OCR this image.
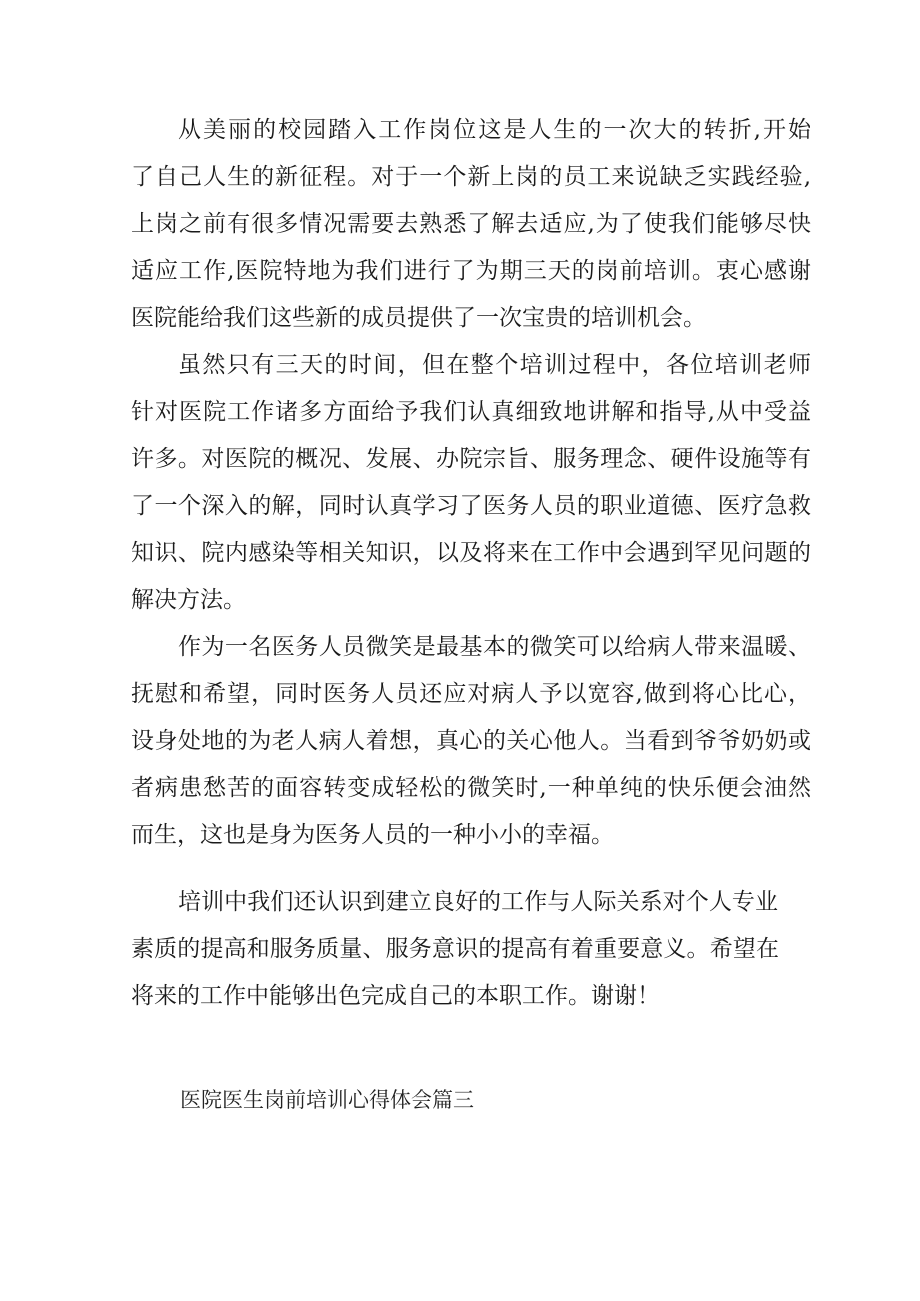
从美丽的校园踏入工作岗位这是人生的一次大的转折,开始
了自己人生的新征程。对于一个新上岗的员工来说缺乏实践经验,
上岗之前有很多情况需要去熟悉了解去适应,为了使我们能够尽快
适应工作,医院特地为我们进行了为期三天的岗前培训。衷心感谢
医院能给我们这些新的成员提供了一次宝贵的培训机会。
虽然只有三天的时间，但在整个培训过程中，各位培训老师
针对医院工作诸多方面给予我们认真细致地讲解和指导,从中受益
许多。对医院的概况、发展、办院宗旨、服务理念、硬件设施等有
了一个深入的解，同时认真学习了医务人员的职业道德、医疗急救
知识、院内感染等相关知识，以及将来在工作中会遇到罕见问题的
解决方法。
作为一名医务人员微笑是最基本的微笑可以给病人带来温暖、
抚慰和希望，同时医务人员还应对病人予以宽容,做到将心比心，
设身处地的为老人病人着想，真心的关心他人。当看到爷爷奶奶或
者病患愁苦的面容转变成轻松的微笑时,一种单纯的快乐便会油然
而生，这也是身为医务人员的一种小小的幸福。
培训中我们还认识到建立良好的工作与人际关系对个人专业
素质的提高和服务质量、服务意识的提高有着重要意义。希望在
将来的工作中能够出色完成自己的本职工作。谢谢！
医院医生岗前培训心得体会篇三
